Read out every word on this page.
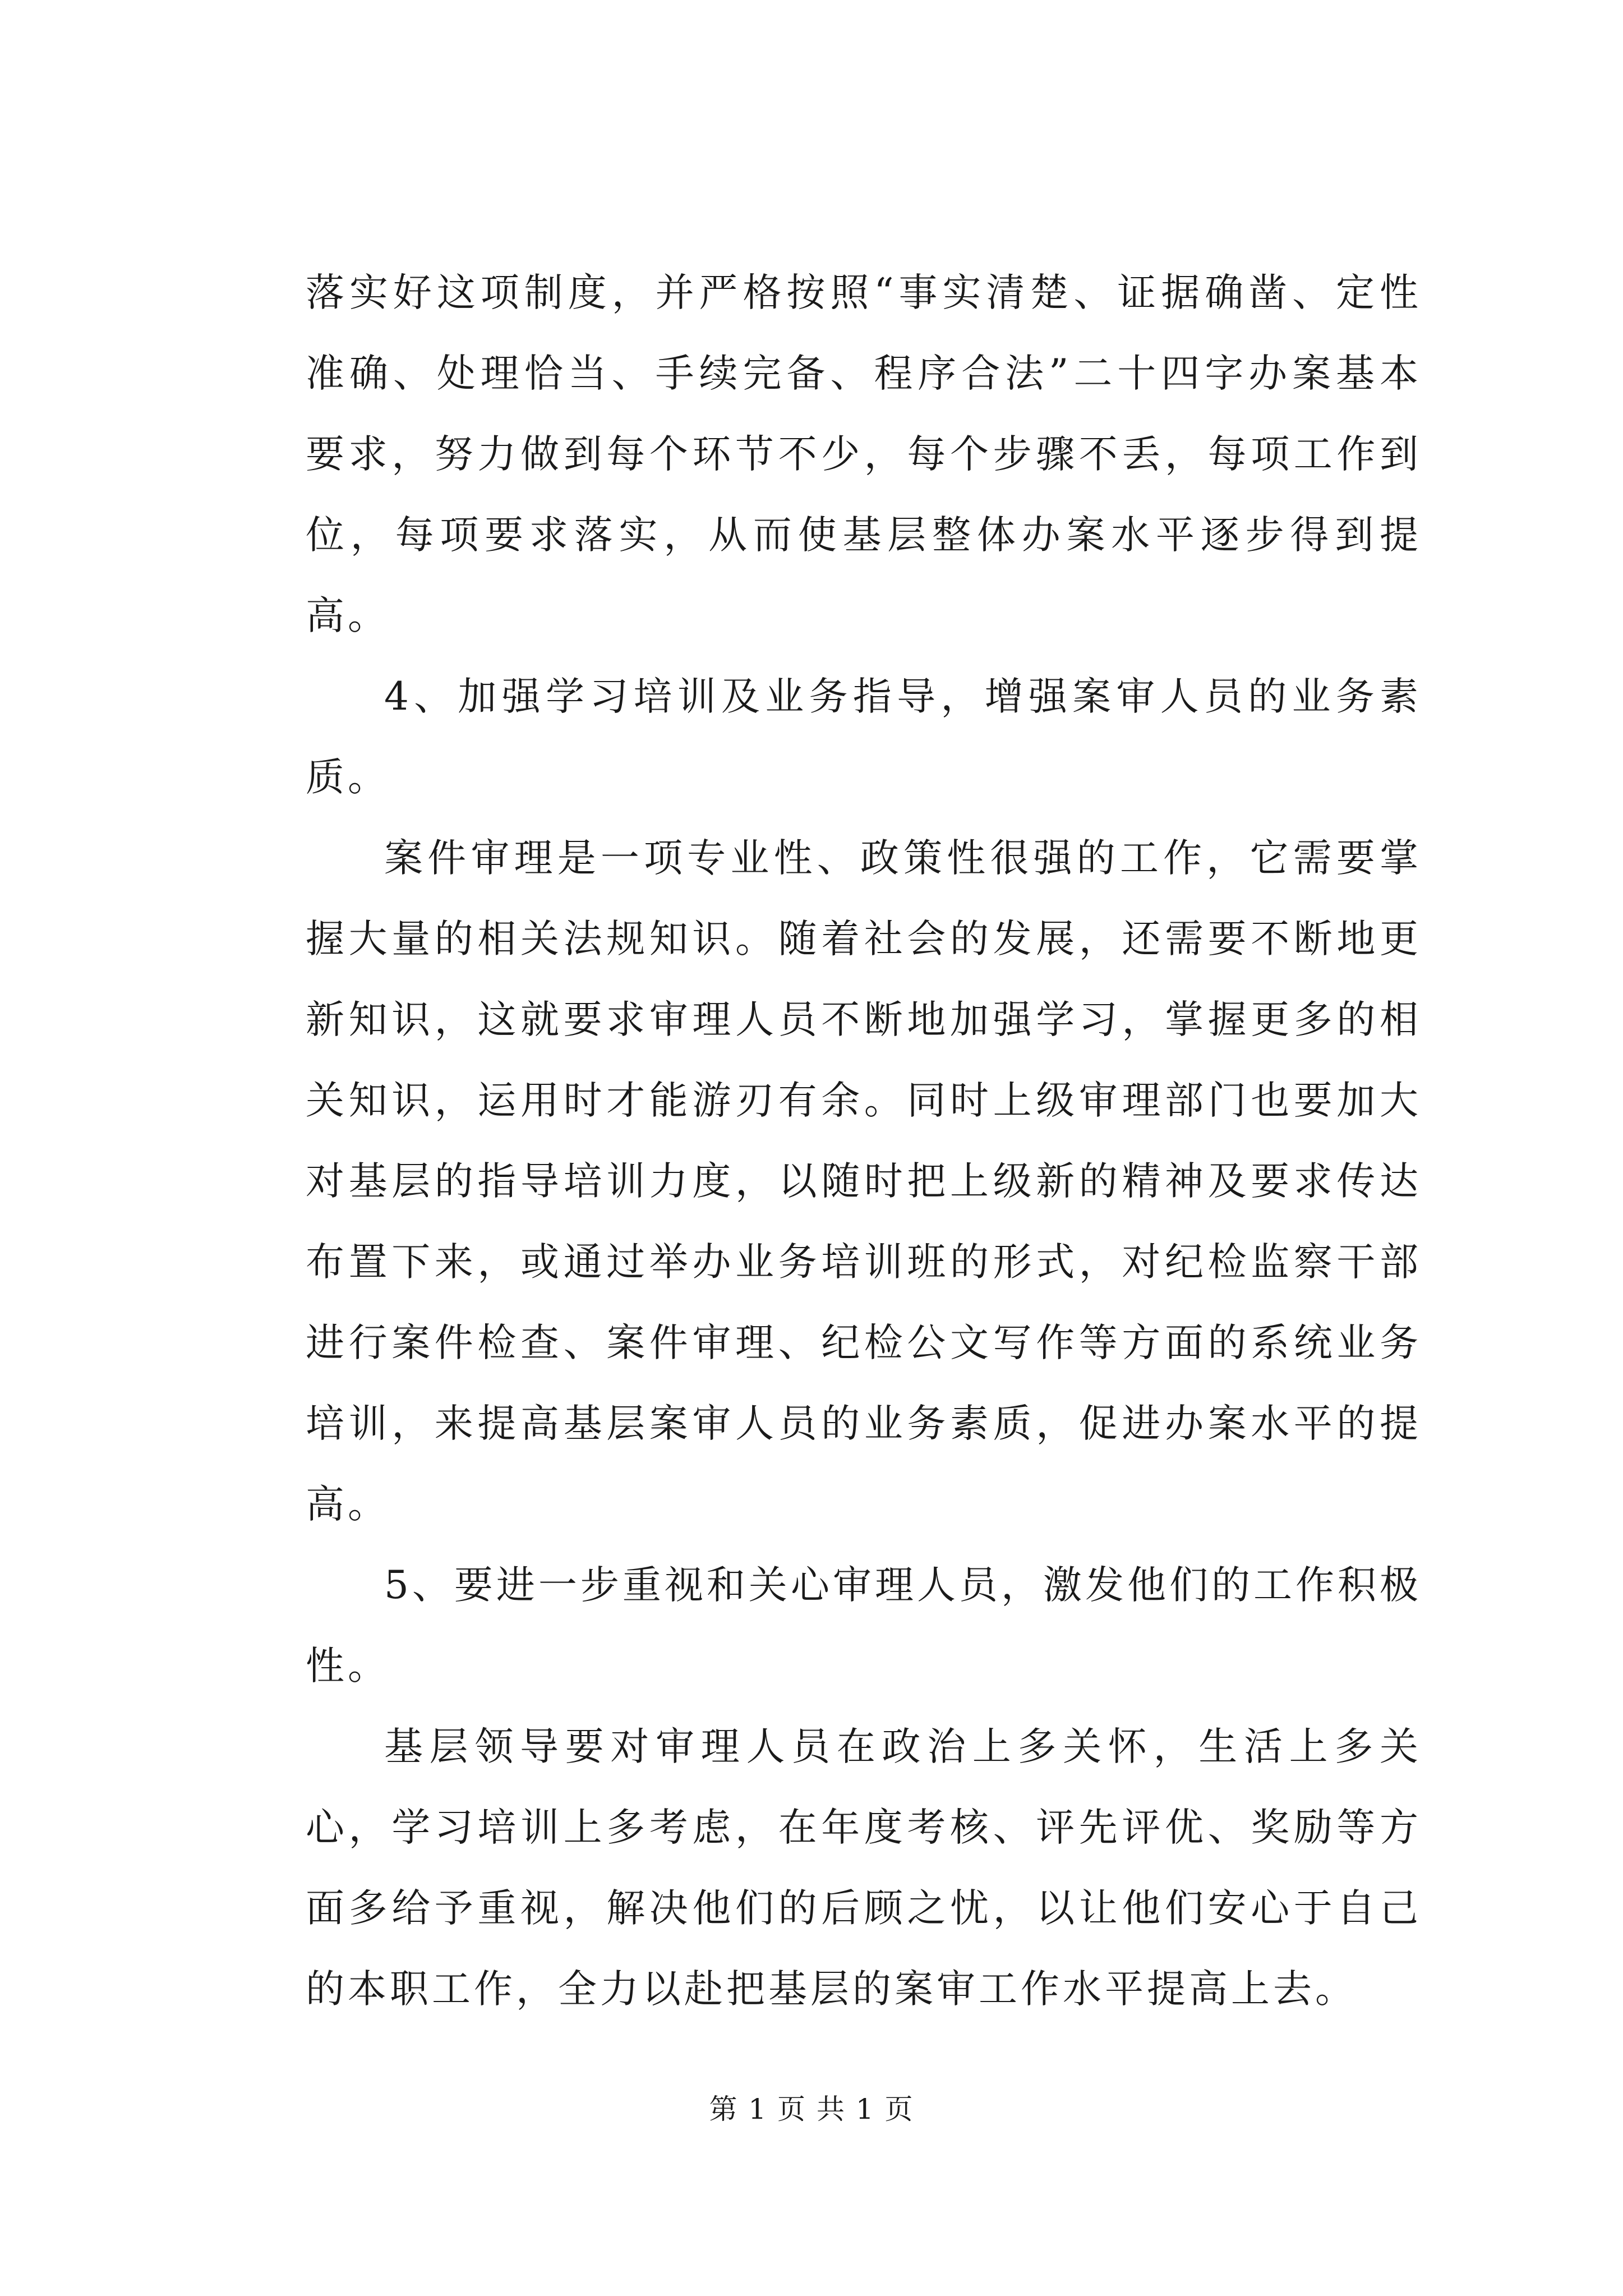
落实好这项制度，并严格按照“事实清楚、证据确凿、定性准确、处理恰当、手续完备、程序合法”二十四字办案基本要求，努力做到每个环节不少，每个步骤不丢，每项工作到位，每项要求落实，从而使基层整体办案水平逐步得到提高。

4、加强学习培训及业务指导，增强案审人员的业务素质。

案件审理是一项专业性、政策性很强的工作，它需要掌握大量的相关法规知识。随着社会的发展，还需要不断地更新知识，这就要求审理人员不断地加强学习，掌握更多的相关知识，运用时才能游刃有余。同时上级审理部门也要加大对基层的指导培训力度，以随时把上级新的精神及要求传达布置下来，或通过举办业务培训班的形式，对纪检监察干部进行案件检查、案件审理、纪检公文写作等方面的系统业务培训，来提高基层案审人员的业务素质，促进办案水平的提高。

5、要进一步重视和关心审理人员，激发他们的工作积极性。

基层领导要对审理人员在政治上多关怀，生活上多关心，学习培训上多考虑，在年度考核、评先评优、奖励等方面多给予重视，解决他们的后顾之忧，以让他们安心于自己的本职工作，全力以赴把基层的案审工作水平提高上去。

第 1 页 共 1 页
